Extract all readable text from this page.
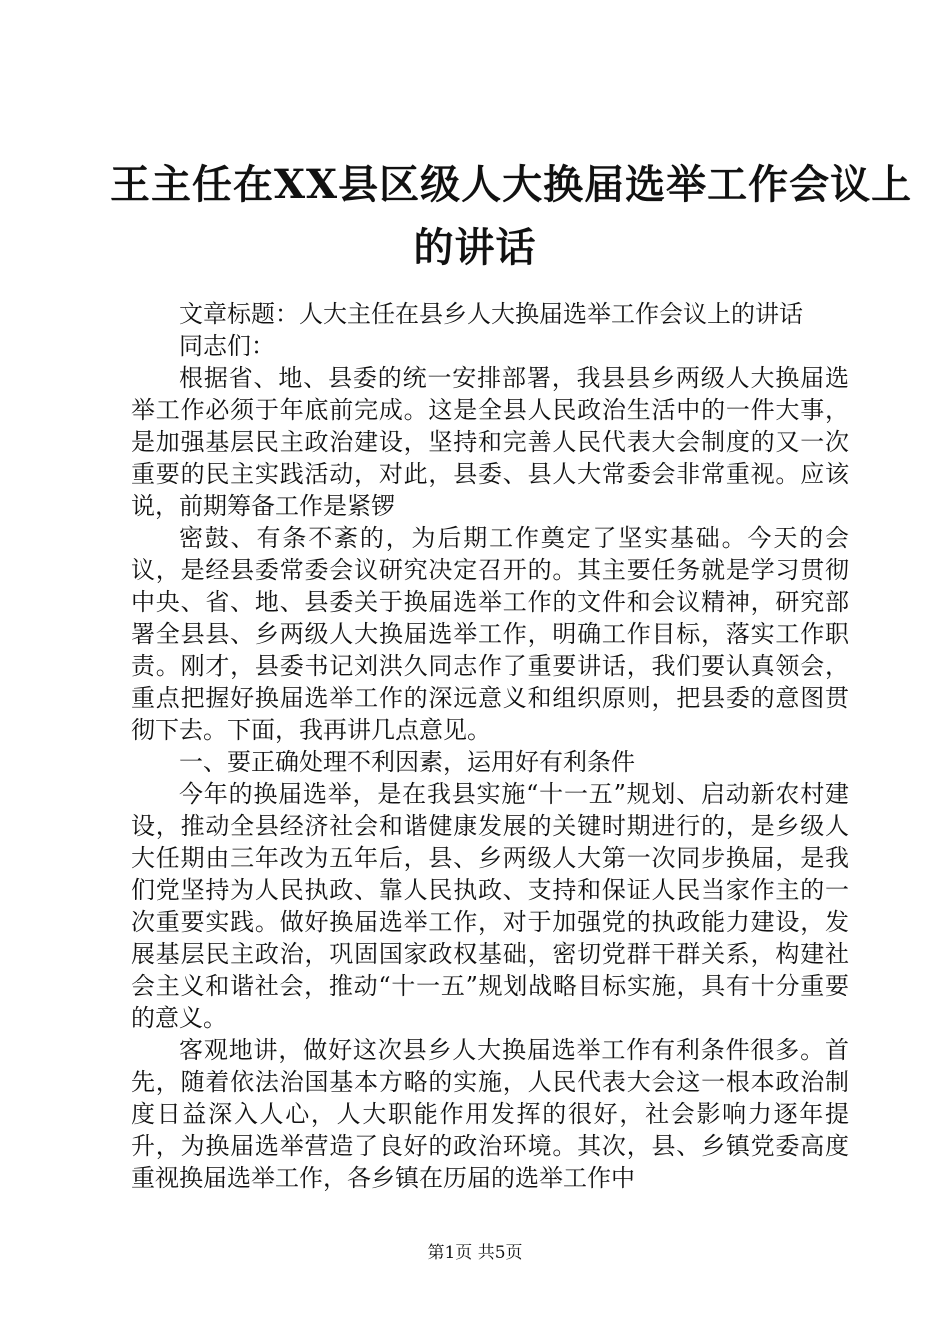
王主任在XX县区级人大换届选举工作会议上
的讲话

文章标题：人大主任在县乡人大换届选举工作会议上的讲话

同志们：

根据省、地、县委的统一安排部署，我县县乡两级人大换届选举工作必须于年底前完成。这是全县人民政治生活中的一件大事，是加强基层民主政治建设，坚持和完善人民代表大会制度的又一次重要的民主实践活动，对此，县委、县人大常委会非常重视。应该说，前期筹备工作是紧锣

密鼓、有条不紊的，为后期工作奠定了坚实基础。今天的会议，是经县委常委会议研究决定召开的。其主要任务就是学习贯彻中央、省、地、县委关于换届选举工作的文件和会议精神，研究部署全县县、乡两级人大换届选举工作，明确工作目标，落实工作职责。刚才，县委书记刘洪久同志作了重要讲话，我们要认真领会，重点把握好换届选举工作的深远意义和组织原则，把县委的意图贯彻下去。下面，我再讲几点意见。

一、要正确处理不利因素，运用好有利条件

今年的换届选举，是在我县实施“十一五”规划、启动新农村建设，推动全县经济社会和谐健康发展的关键时期进行的，是乡级人大任期由三年改为五年后，县、乡两级人大第一次同步换届，是我们党坚持为人民执政、靠人民执政、支持和保证人民当家作主的一次重要实践。做好换届选举工作，对于加强党的执政能力建设，发展基层民主政治，巩固国家政权基础，密切党群干群关系，构建社会主义和谐社会，推动“十一五”规划战略目标实施，具有十分重要的意义。

客观地讲，做好这次县乡人大换届选举工作有利条件很多。首先，随着依法治国基本方略的实施，人民代表大会这一根本政治制度日益深入人心，人大职能作用发挥的很好，社会影响力逐年提升，为换届选举营造了良好的政治环境。其次，县、乡镇党委高度重视换届选举工作，各乡镇在历届的选举工作中

第1页 共5页
